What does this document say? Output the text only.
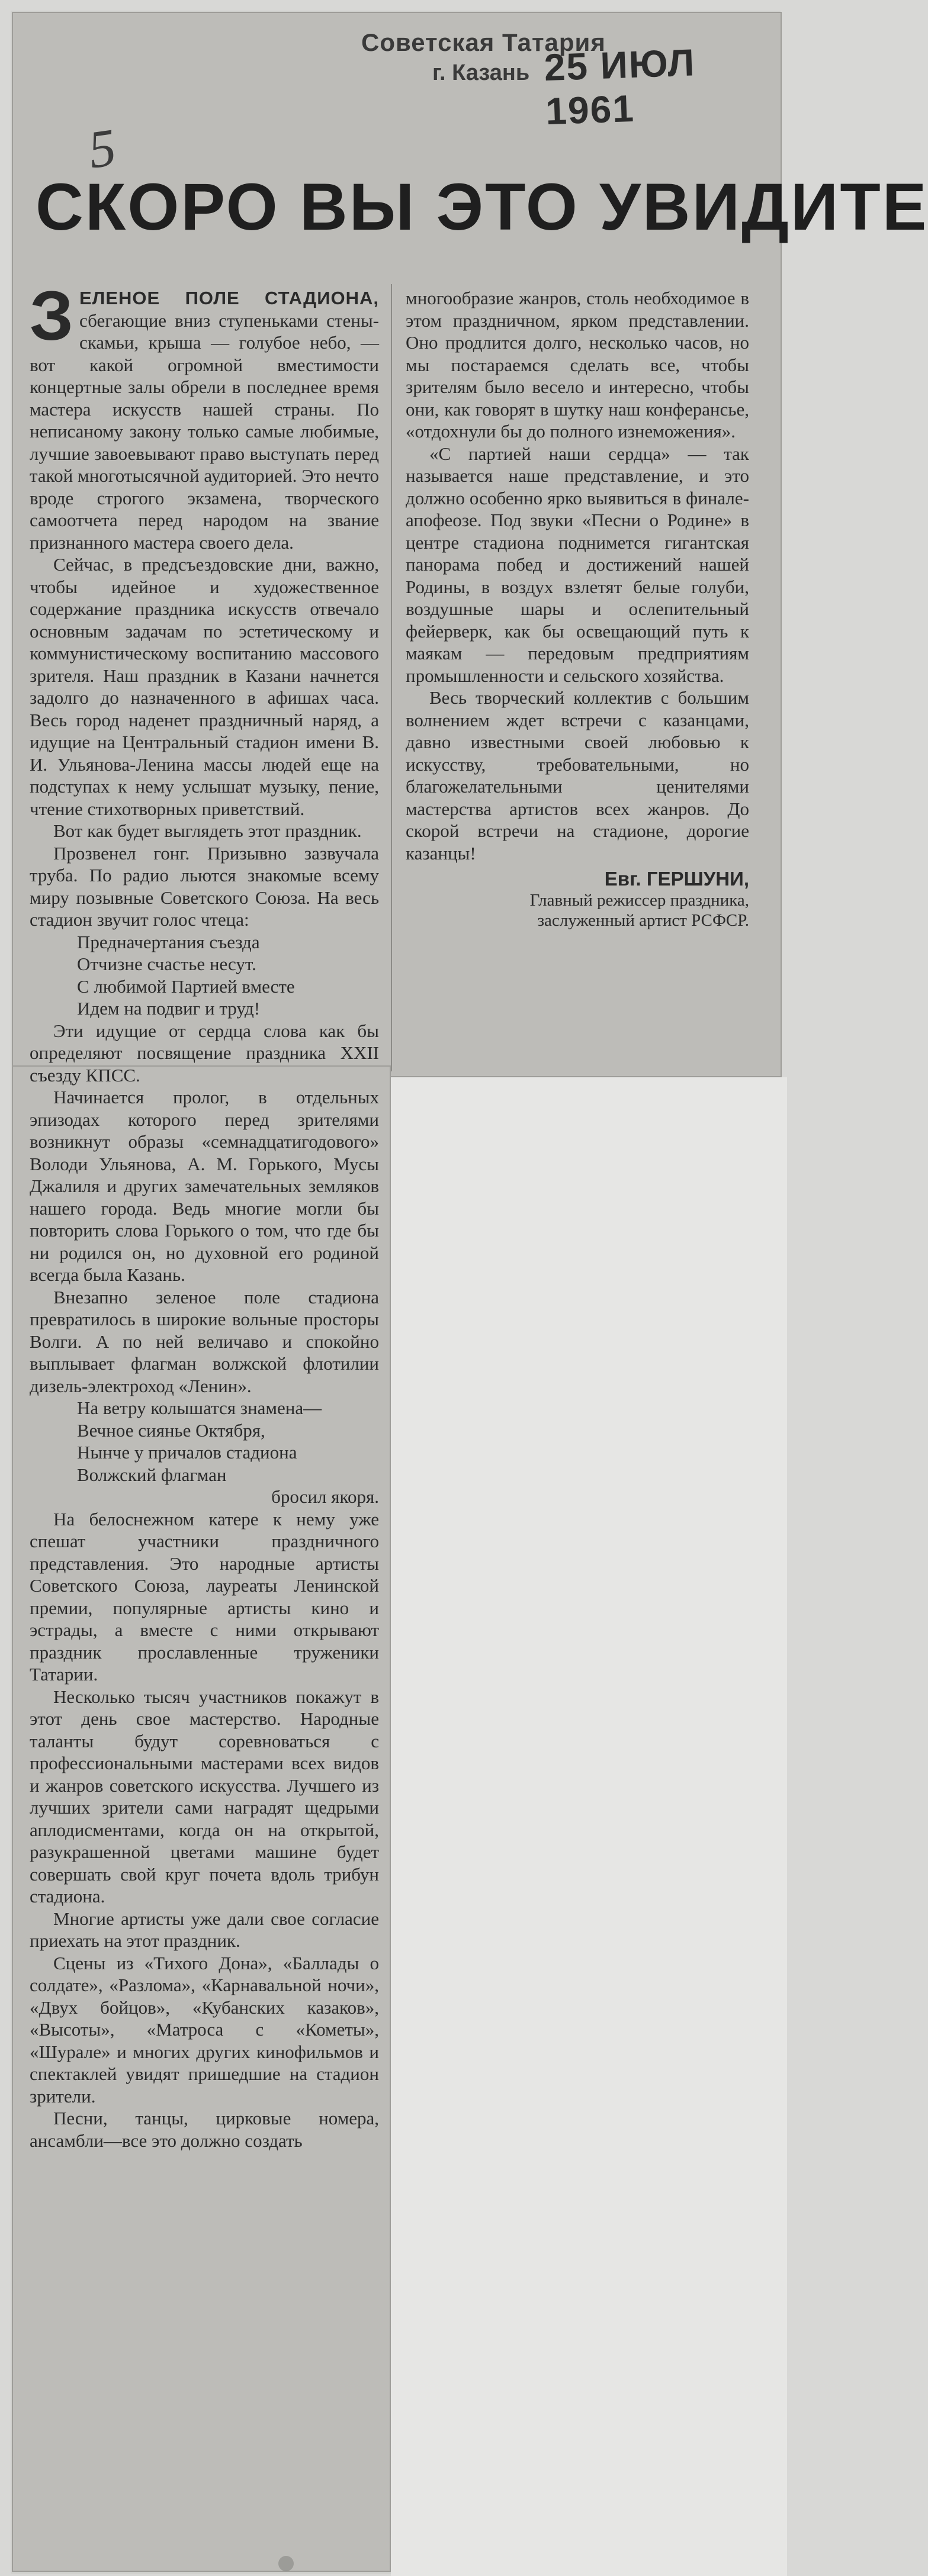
Советская Татария
г. Казань 25 ИЮЛ 1961
5
СКОРО ВЫ ЭТО УВИДИТЕ

З ЕЛЕНОЕ ПОЛЕ СТАДИОНА, сбегающие вниз ступеньками стены-скамьи, крыша — голубое небо, — вот какой огромной вместимости концертные залы обрели в последнее время мастера искусств нашей страны. По неписаному закону только самые любимые, лучшие завоевывают право выступать перед такой многотысячной аудиторией. Это нечто вроде строгого экзамена, творческого самоотчета перед народом на звание признанного мастера своего дела.

Сейчас, в предсъездовские дни, важно, чтобы идейное и художественное содержание праздника искусств отвечало основным задачам по эстетическому и коммунистическому воспитанию массового зрителя. Наш праздник в Казани начнется задолго до назначенного в афишах часа. Весь город наденет праздничный наряд, а идущие на Центральный стадион имени В. И. Ульянова-Ленина массы людей еще на подступах к нему услышат музыку, пение, чтение стихотворных приветствий.

Вот как будет выглядеть этот праздник.

Прозвенел гонг. Призывно зазвучала труба. По радио льются знакомые всему миру позывные Советского Союза. На весь стадион звучит голос чтеца:

Предначертания съезда

Отчизне счастье несут.

С любимой Партией вместе

Идем на подвиг и труд!

Эти идущие от сердца слова как бы определяют посвящение праздника XXII съезду КПСС.

Начинается пролог, в отдельных эпизодах которого перед зрителями возникнут образы «семнадцатигодового» Володи Ульянова, А. М. Горького, Мусы Джалиля и других замечательных земляков нашего города. Ведь многие могли бы повторить слова Горького о том, что где бы ни родился он, но духовной его родиной всегда была Казань.

Внезапно зеленое поле стадиона превратилось в широкие вольные просторы Волги. А по ней величаво и спокойно выплывает флагман волжской флотилии дизель-электроход «Ленин».

На ветру колышатся знамена—

Вечное сиянье Октября,

Нынче у причалов стадиона

Волжский флагман

бросил якоря.

На белоснежном катере к нему уже спешат участники праздничного представления. Это народные артисты Советского Союза, лауреаты Ленинской премии, популярные артисты кино и эстрады, а вместе с ними открывают праздник прославленные труженики Татарии.

Несколько тысяч участников покажут в этот день свое мастерство. Народные таланты будут соревноваться с профессиональными мастерами всех видов и жанров советского искусства. Лучшего из лучших зрители сами наградят щедрыми аплодисментами, когда он на открытой, разукрашенной цветами машине будет совершать свой круг почета вдоль трибун стадиона.

Многие артисты уже дали свое согласие приехать на этот праздник.

Сцены из «Тихого Дона», «Баллады о солдате», «Разлома», «Карнавальной ночи», «Двух бойцов», «Кубанских казаков», «Высоты», «Матроса с «Кометы», «Шурале» и многих других кинофильмов и спектаклей увидят пришедшие на стадион зрители.

Песни, танцы, цирковые номера, ансамбли—все это должно создать

многообразие жанров, столь необходимое в этом праздничном, ярком представлении. Оно продлится долго, несколько часов, но мы постараемся сделать все, чтобы зрителям было весело и интересно, чтобы они, как говорят в шутку наш конферансье, «отдохнули бы до полного изнеможения».

«С партией наши сердца» — так называется наше представление, и это должно особенно ярко выявиться в финале-апофеозе. Под звуки «Песни о Родине» в центре стадиона поднимется гигантская панорама побед и достижений нашей Родины, в воздух взлетят белые голуби, воздушные шары и ослепительный фейерверк, как бы освещающий путь к маякам — передовым предприятиям промышленности и сельского хозяйства.

Весь творческий коллектив с большим волнением ждет встречи с казанцами, давно известными своей любовью к искусству, требовательными, но благожелательными ценителями мастерства артистов всех жанров. До скорой встречи на стадионе, дорогие казанцы!

Евг. ГЕРШУНИ,
Главный режиссер праздника,
заслуженный артист РСФСР.
